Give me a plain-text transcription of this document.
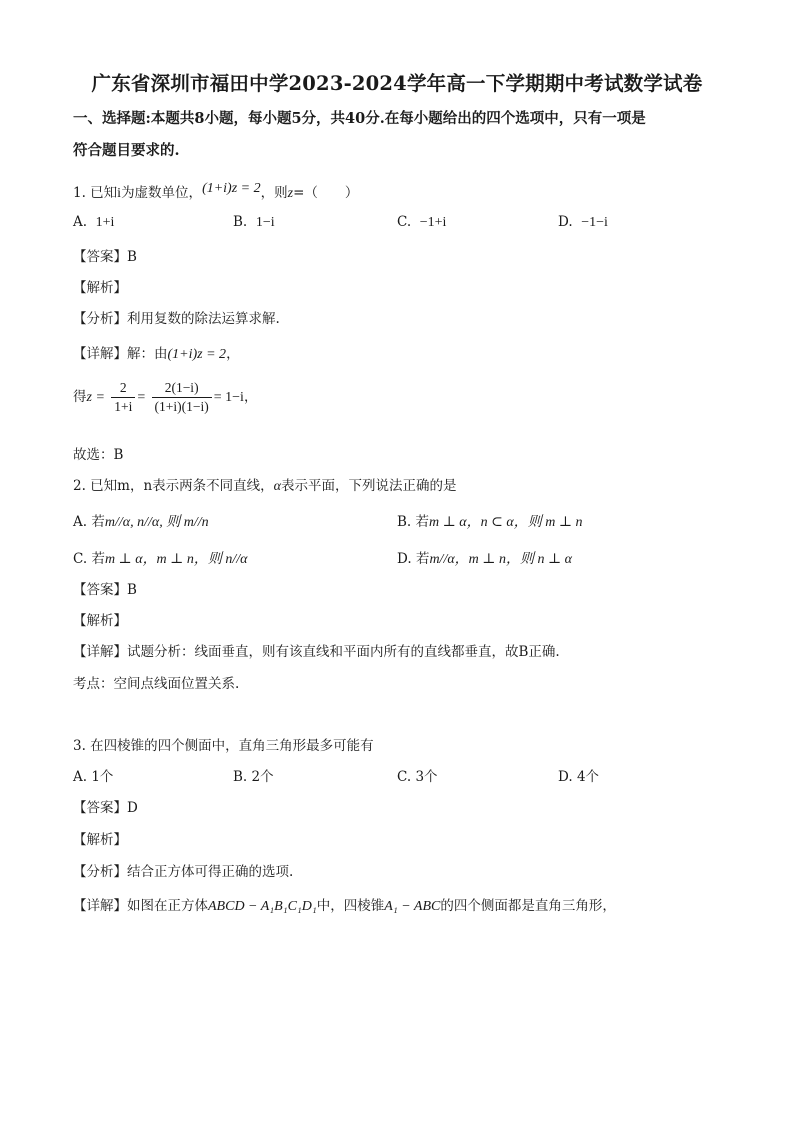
广东省深圳市福田中学2023-2024学年高一下学期期中考试数学试卷
一、选择题:本题共8小题，每小题5分，共40分.在每小题给出的四个选项中，只有一项是
符合题目要求的.
1. 已知i为虚数单位，(1+i)z = 2，则z=（　　）
A. 1+i	B. 1−i	C. −1+i	D. −1−i
【答案】B
【解析】
【分析】利用复数的除法运算求解.
【详解】解：由(1+i)z = 2，
得$z = \frac{2}{1+i} = \frac{2(1-i)}{(1+i)(1-i)} = 1-i$，
故选：B
2. 已知m，n表示两条不同直线，α表示平面，下列说法正确的是
A. 若m//α, n//α, 则 m//n	B. 若m ⊥ α，n ⊂ α，则 m ⊥ n
C. 若m ⊥ α，m ⊥ n，则 n//α	D. 若m//α，m ⊥ n，则 n ⊥ α
【答案】B
【解析】
【详解】试题分析：线面垂直，则有该直线和平面内所有的直线都垂直，故B正确.
考点：空间点线面位置关系.
3. 在四棱锥的四个侧面中，直角三角形最多可能有
A. 1个	B. 2个	C. 3个	D. 4个
【答案】D
【解析】
【分析】结合正方体可得正确的选项.
【详解】如图在正方体ABCD − A₁B₁C₁D₁中，四棱锥A₁ − ABC的四个侧面都是直角三角形，
